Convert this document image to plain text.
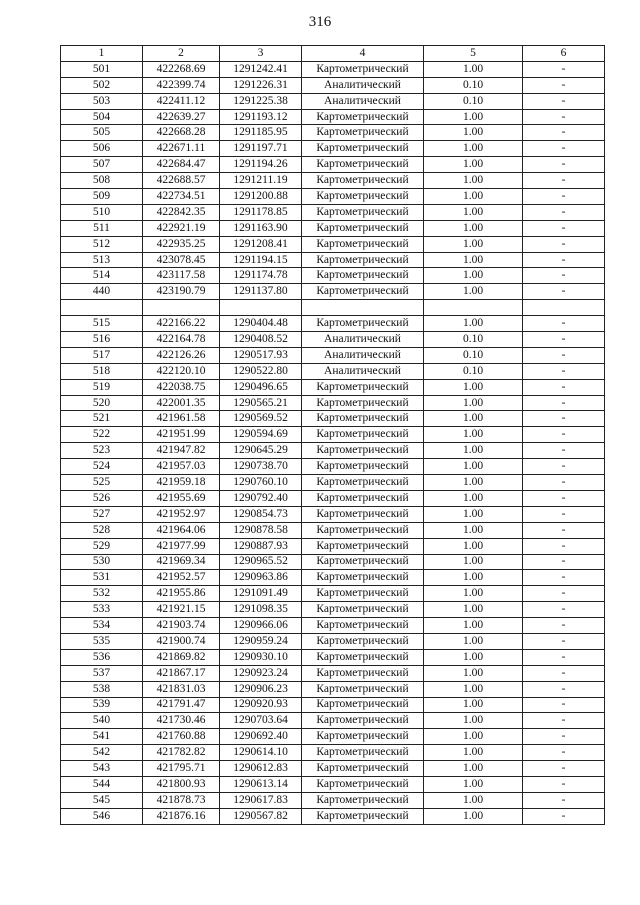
316
1	2	3	4	5	6
501	422268.69	1291242.41	Картометрический	1.00	-
502	422399.74	1291226.31	Аналитический	0.10	-
503	422411.12	1291225.38	Аналитический	0.10	-
504	422639.27	1291193.12	Картометрический	1.00	-
505	422668.28	1291185.95	Картометрический	1.00	-
506	422671.11	1291197.71	Картометрический	1.00	-
507	422684.47	1291194.26	Картометрический	1.00	-
508	422688.57	1291211.19	Картометрический	1.00	-
509	422734.51	1291200.88	Картометрический	1.00	-
510	422842.35	1291178.85	Картометрический	1.00	-
511	422921.19	1291163.90	Картометрический	1.00	-
512	422935.25	1291208.41	Картометрический	1.00	-
513	423078.45	1291194.15	Картометрический	1.00	-
514	423117.58	1291174.78	Картометрический	1.00	-
440	423190.79	1291137.80	Картометрический	1.00	-

515	422166.22	1290404.48	Картометрический	1.00	-
516	422164.78	1290408.52	Аналитический	0.10	-
517	422126.26	1290517.93	Аналитический	0.10	-
518	422120.10	1290522.80	Аналитический	0.10	-
519	422038.75	1290496.65	Картометрический	1.00	-
520	422001.35	1290565.21	Картометрический	1.00	-
521	421961.58	1290569.52	Картометрический	1.00	-
522	421951.99	1290594.69	Картометрический	1.00	-
523	421947.82	1290645.29	Картометрический	1.00	-
524	421957.03	1290738.70	Картометрический	1.00	-
525	421959.18	1290760.10	Картометрический	1.00	-
526	421955.69	1290792.40	Картометрический	1.00	-
527	421952.97	1290854.73	Картометрический	1.00	-
528	421964.06	1290878.58	Картометрический	1.00	-
529	421977.99	1290887.93	Картометрический	1.00	-
530	421969.34	1290965.52	Картометрический	1.00	-
531	421952.57	1290963.86	Картометрический	1.00	-
532	421955.86	1291091.49	Картометрический	1.00	-
533	421921.15	1291098.35	Картометрический	1.00	-
534	421903.74	1290966.06	Картометрический	1.00	-
535	421900.74	1290959.24	Картометрический	1.00	-
536	421869.82	1290930.10	Картометрический	1.00	-
537	421867.17	1290923.24	Картометрический	1.00	-
538	421831.03	1290906.23	Картометрический	1.00	-
539	421791.47	1290920.93	Картометрический	1.00	-
540	421730.46	1290703.64	Картометрический	1.00	-
541	421760.88	1290692.40	Картометрический	1.00	-
542	421782.82	1290614.10	Картометрический	1.00	-
543	421795.71	1290612.83	Картометрический	1.00	-
544	421800.93	1290613.14	Картометрический	1.00	-
545	421878.73	1290617.83	Картометрический	1.00	-
546	421876.16	1290567.82	Картометрический	1.00	-
